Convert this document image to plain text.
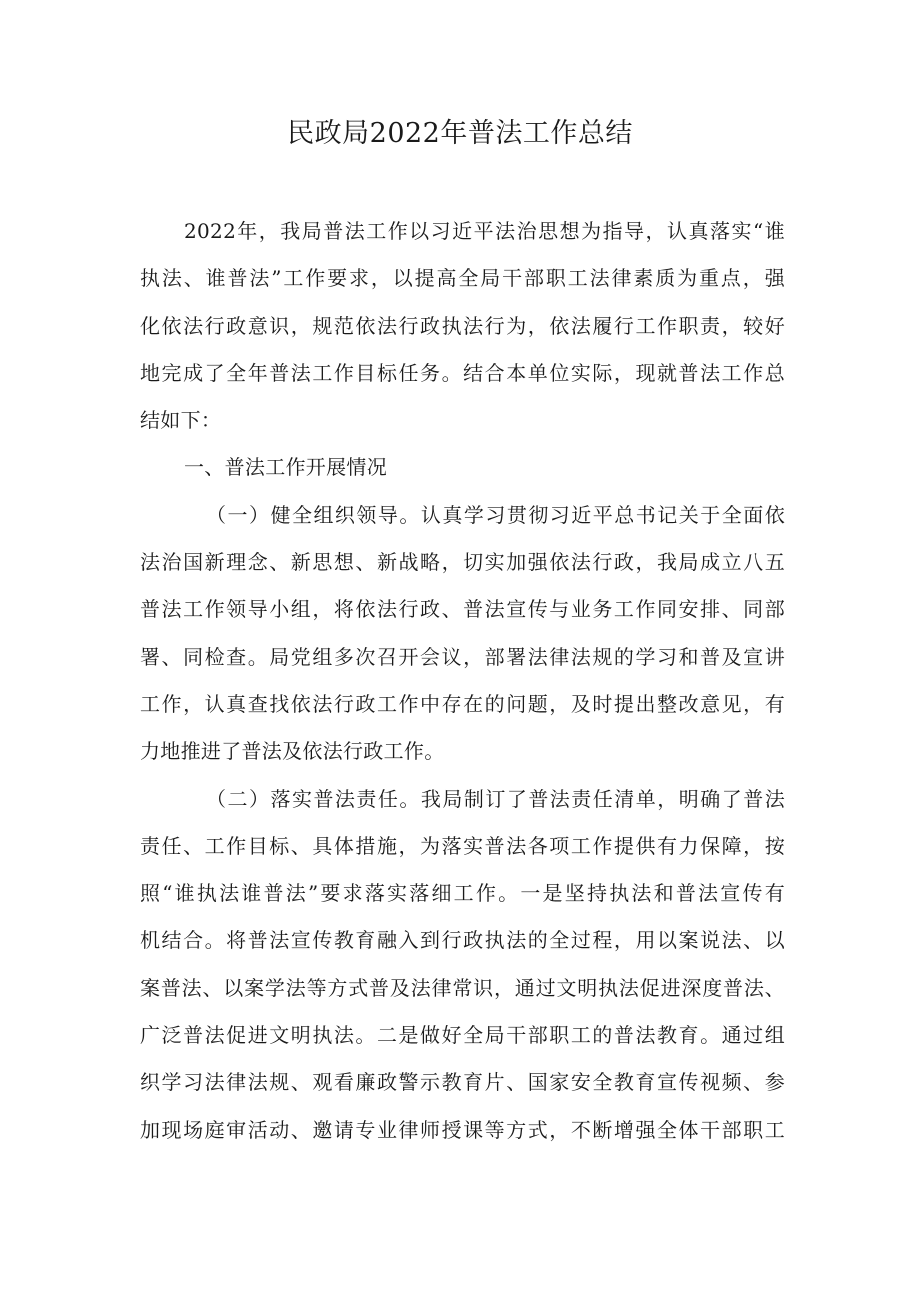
民政局2022年普法工作总结
2022年，我局普法工作以习近平法治思想为指导，认真落实“谁
执法、谁普法”工作要求，以提高全局干部职工法律素质为重点，强
化依法行政意识，规范依法行政执法行为，依法履行工作职责，较好
地完成了全年普法工作目标任务。结合本单位实际，现就普法工作总
结如下：
一、普法工作开展情况
（一）健全组织领导。认真学习贯彻习近平总书记关于全面依
法治国新理念、新思想、新战略，切实加强依法行政，我局成立八五
普法工作领导小组，将依法行政、普法宣传与业务工作同安排、同部
署、同检查。局党组多次召开会议，部署法律法规的学习和普及宣讲
工作，认真查找依法行政工作中存在的问题，及时提出整改意见，有
力地推进了普法及依法行政工作。
（二）落实普法责任。我局制订了普法责任清单，明确了普法
责任、工作目标、具体措施，为落实普法各项工作提供有力保障，按
照“谁执法谁普法”要求落实落细工作。一是坚持执法和普法宣传有
机结合。将普法宣传教育融入到行政执法的全过程，用以案说法、以
案普法、以案学法等方式普及法律常识，通过文明执法促进深度普法、
广泛普法促进文明执法。二是做好全局干部职工的普法教育。通过组
织学习法律法规、观看廉政警示教育片、国家安全教育宣传视频、参
加现场庭审活动、邀请专业律师授课等方式，不断增强全体干部职工
